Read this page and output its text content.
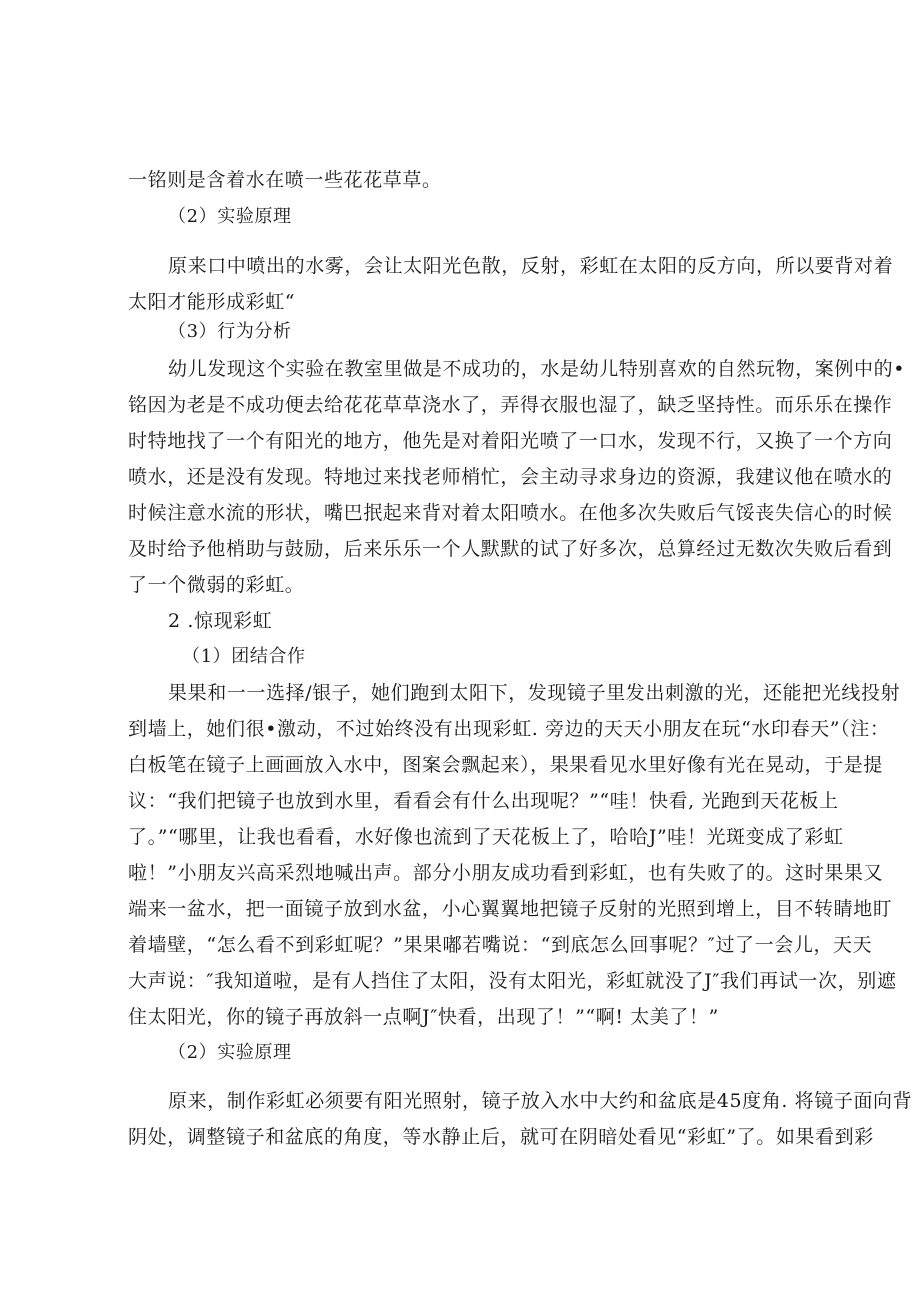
一铭则是含着水在喷一些花花草草。
（2）实验原理
原来口中喷出的水雾，会让太阳光色散，反射，彩虹在太阳的反方向，所以要背对着
太阳才能形成彩虹“
（3）行为分析
幼儿发现这个实验在教室里做是不成功的，水是幼儿特别喜欢的自然玩物，案例中的•
铭因为老是不成功便去给花花草草浇水了，弄得衣服也湿了，缺乏坚持性。而乐乐在操作
时特地找了一个有阳光的地方，他先是对着阳光喷了一口水，发现不行，又换了一个方向
喷水，还是没有发现。特地过来找老师梢忙，会主动寻求身边的资源，我建议他在喷水的
时候注意水流的形状，嘴巴抿起来背对着太阳喷水。在他多次失败后气馁丧失信心的时候
及时给予他梢助与鼓励，后来乐乐一个人默默的试了好多次，总算经过无数次失败后看到
了一个微弱的彩虹。
2 .惊现彩虹
（1）团结合作
果果和一一选择/银子，她们跑到太阳下，发现镜子里发出刺激的光，还能把光线投射
到墙上，她们很•激动，不过始终没有出现彩虹. 旁边的天天小朋友在玩“水印春天”（注：
白板笔在镜子上画画放入水中，图案会飘起来），果果看见水里好像有光在晃动，于是提
议：“我们把镜子也放到水里，看看会有什么出现呢？”“哇！快看, 光跑到天花板上
了。”“哪里，让我也看看，水好像也流到了天花板上了，哈哈J”哇！光斑变成了彩虹
啦！”小朋友兴高采烈地喊出声。部分小朋友成功看到彩虹，也有失败了的。这时果果又
端来一盆水，把一面镜子放到水盆，小心翼翼地把镜子反射的光照到增上，目不转睛地盯
着墙壁，“怎么看不到彩虹呢？”果果嘟若嘴说：“到底怎么回事呢？″过了一会儿，天天
大声说：″我知道啦，是有人挡住了太阳，没有太阳光，彩虹就没了J″我们再试一次，别遮
住太阳光，你的镜子再放斜一点啊J″快看，出现了！”“啊! 太美了！”
（2）实验原理
原来，制作彩虹必须要有阳光照射，镜子放入水中大约和盆底是45度角. 将镜子面向背
阴处，调整镜子和盆底的角度，等水静止后，就可在阴暗处看见“彩虹”了。如果看到彩
